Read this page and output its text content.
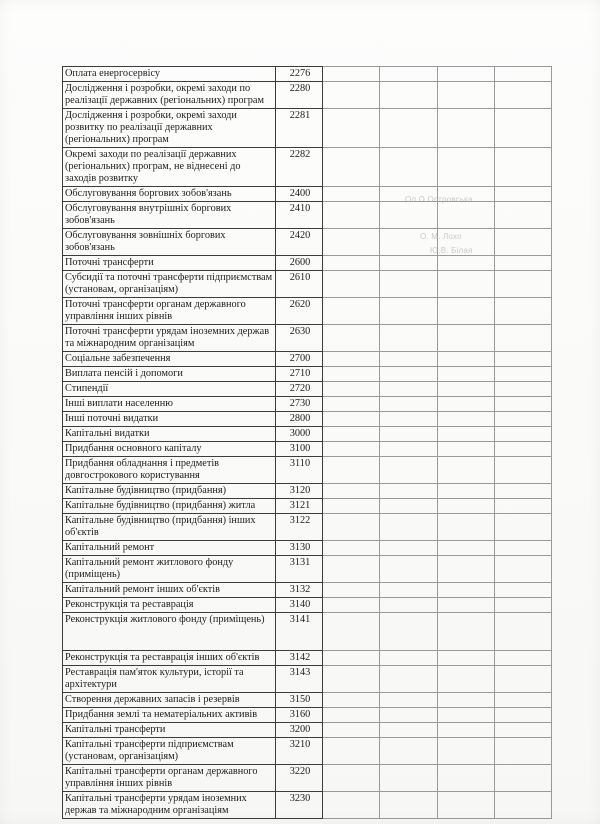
Ол.О.Островська
О. М. Лохо
Ю.В. Білая
Оплата енергосервісу	2276				
Дослідження і розробки, окремі заходи по реалізації державних (регіональних) програм	2280				
Дослідження і розробки, окремі заходи розвитку по реалізації державних (регіональних) програм	2281				
Окремі заходи по реалізації державних (регіональних) програм, не віднесені до заходів розвитку	2282				
Обслуговування боргових зобов'язань	2400				
Обслуговування внутрішніх боргових зобов'язань	2410				
Обслуговування зовнішніх боргових зобов'язань	2420				
Поточні трансферти	2600				
Субсидії та поточні трансферти підприємствам (установам, організаціям)	2610				
Поточні трансферти органам державного управління інших рівнів	2620				
Поточні трансферти урядам іноземних держав та міжнародним організаціям	2630				
Соціальне забезпечення	2700				
Виплата пенсій і допомоги	2710				
Стипендії	2720				
Інші виплати населенню	2730				
Інші поточні видатки	2800				
Капітальні видатки	3000				
Придбання основного капіталу	3100				
Придбання обладнання і предметів довгострокового користування	3110				
Капітальне будівництво (придбання)	3120				
Капітальне будівництво (придбання) житла	3121				
Капітальне будівництво (придбання) інших об'єктів	3122				
Капітальний ремонт	3130				
Капітальний ремонт житлового фонду (приміщень)	3131				
Капітальний ремонт інших об'єктів	3132				
Реконструкція та реставрація	3140				
Реконструкція житлового фонду (приміщень)	3141				
Реконструкція та реставрація інших об'єктів	3142				
Реставрація пам'яток культури, історії та архітектури	3143				
Створення державних запасів і резервів	3150				
Придбання землі та нематеріальних активів	3160				
Капітальні трансферти	3200				
Капітальні трансферти підприємствам (установам, організаціям)	3210				
Капітальні трансферти органам державного управління інших рівнів	3220				
Капітальні трансферти урядам іноземних держав та міжнародним організаціям	3230				
